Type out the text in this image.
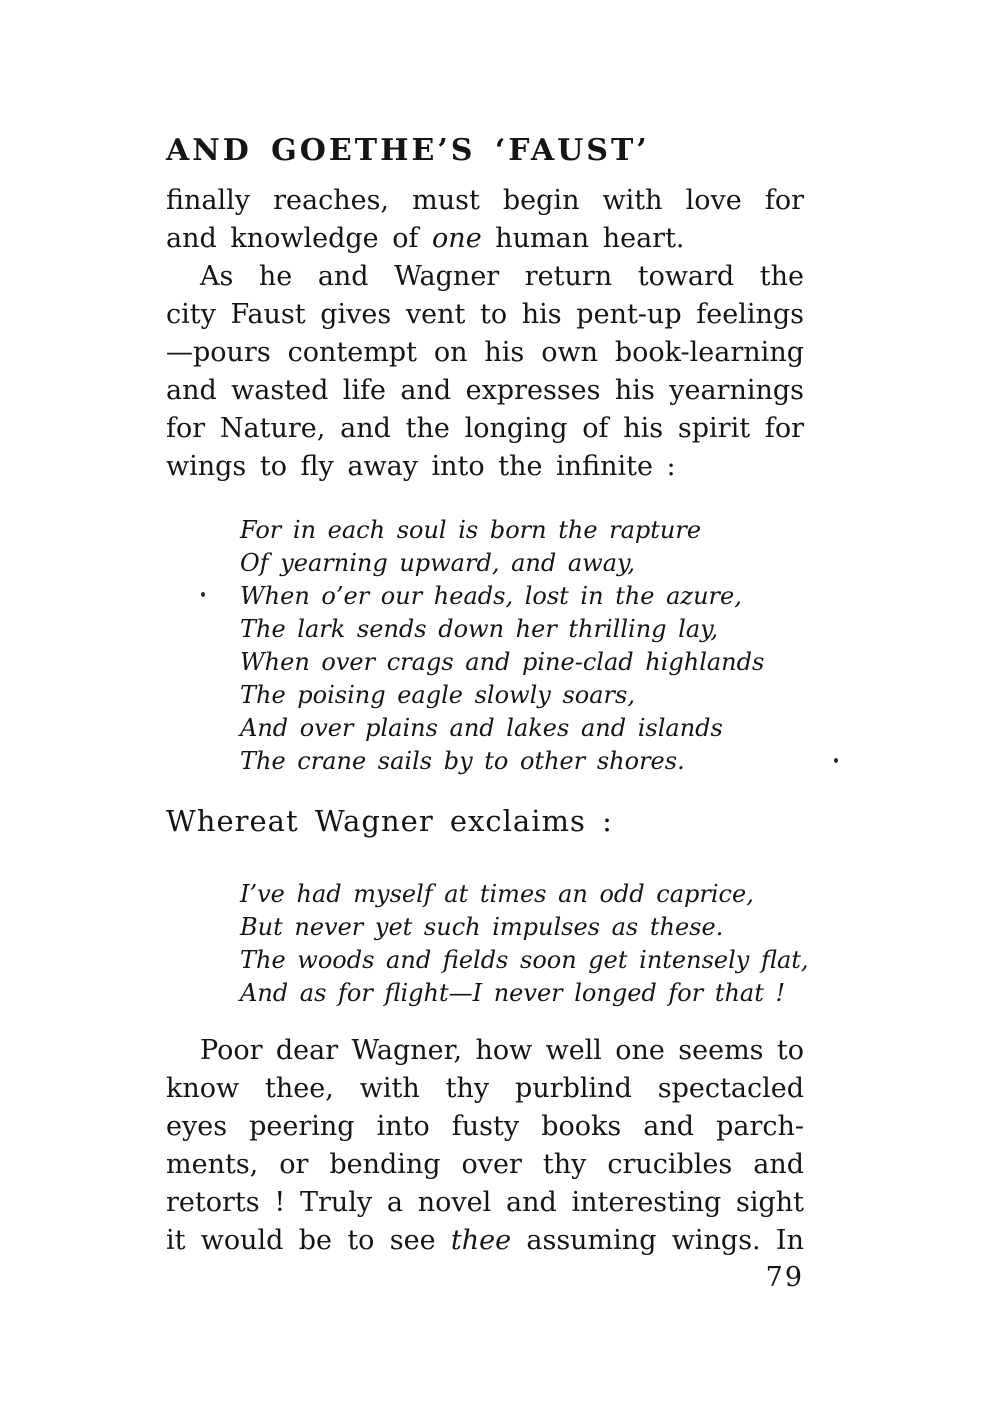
AND GOETHE’S ‘FAUST’
finally reaches, must begin with love for
and knowledge of one human heart.
As he and Wagner return toward the
city Faust gives vent to his pent-up feelings
—pours contempt on his own book-learning
and wasted life and expresses his yearnings
for Nature, and the longing of his spirit for
wings to fly away into the infinite :
For in each soul is born the rapture
Of yearning upward, and away,
When o’er our heads, lost in the azure,
The lark sends down her thrilling lay,
When over crags and pine-clad highlands
The poising eagle slowly soars,
And over plains and lakes and islands
The crane sails by to other shores.
Whereat Wagner exclaims :
I’ve had myself at times an odd caprice,
But never yet such impulses as these.
The woods and fields soon get intensely flat,
And as for flight—I never longed for that !
Poor dear Wagner, how well one seems to
know thee, with thy purblind spectacled
eyes peering into fusty books and parch-
ments, or bending over thy crucibles and
retorts ! Truly a novel and interesting sight
it would be to see thee assuming wings. In
79
